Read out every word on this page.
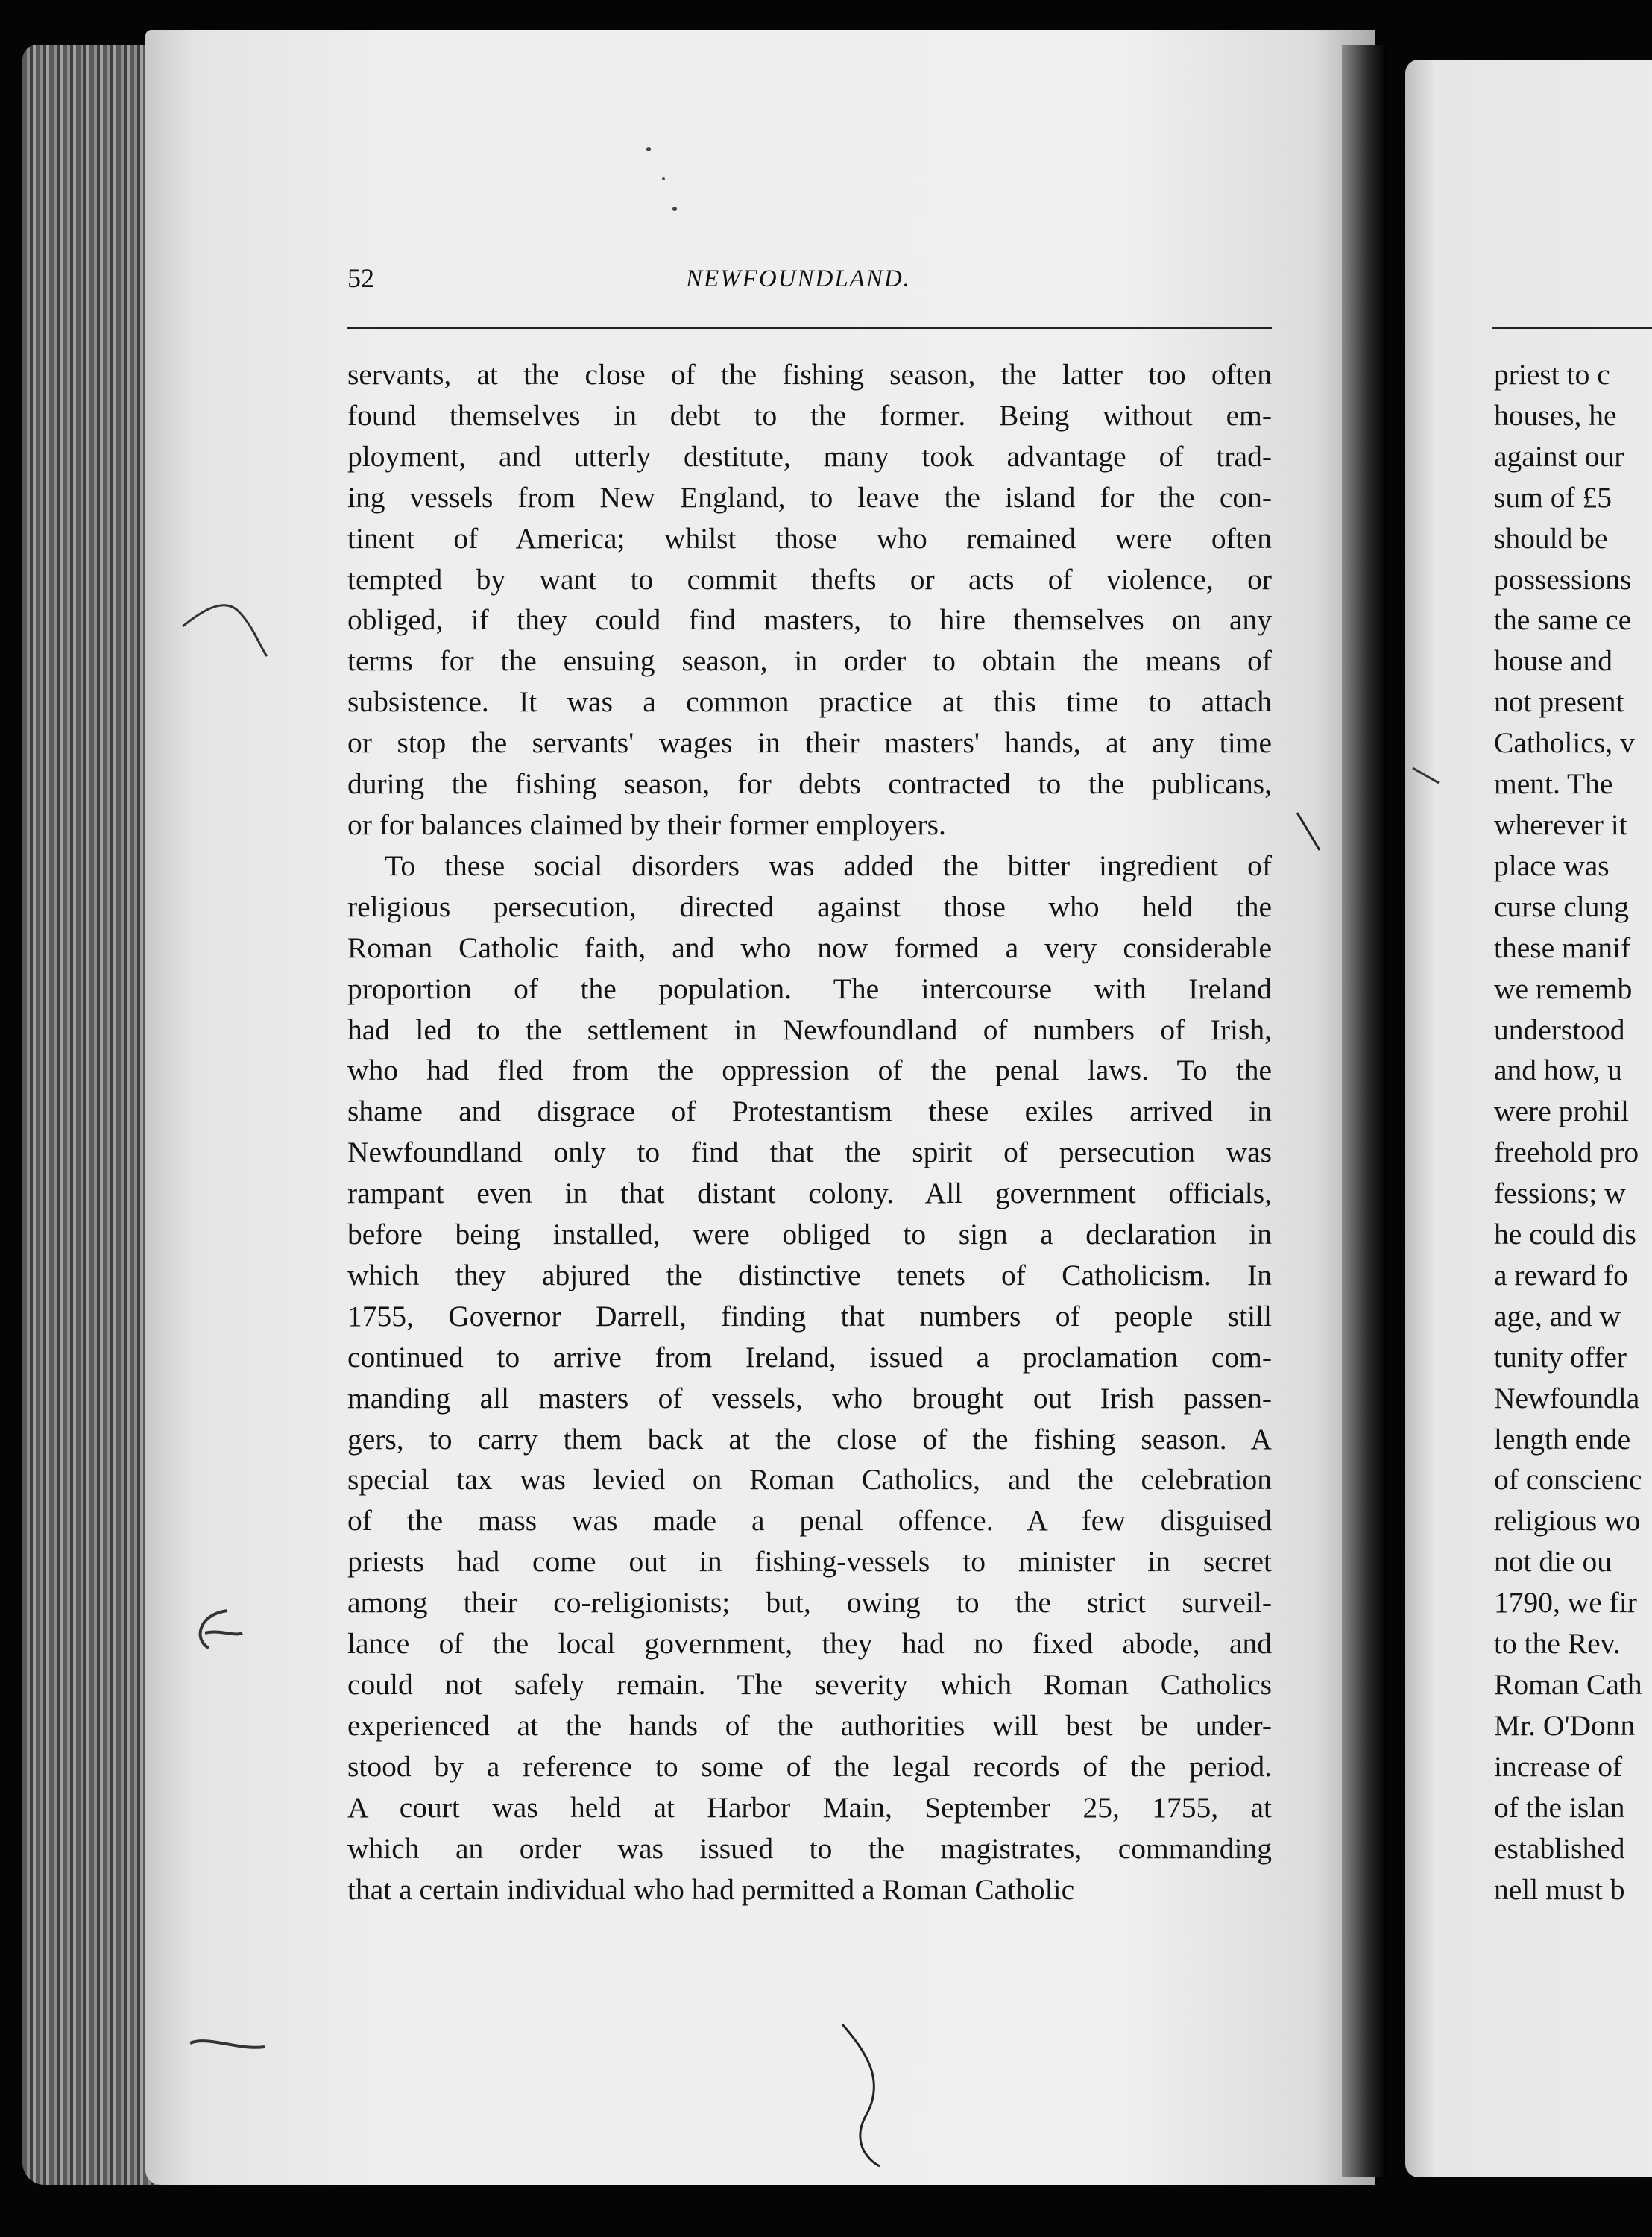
52	NEWFOUNDLAND.

servants, at the close of the fishing season, the latter too often
found themselves in debt to the former. Being without em-
ployment, and utterly destitute, many took advantage of trad-
ing vessels from New England, to leave the island for the con-
tinent of America; whilst those who remained were often
tempted by want to commit thefts or acts of violence, or
obliged, if they could find masters, to hire themselves on any
terms for the ensuing season, in order to obtain the means of
subsistence. It was a common practice at this time to attach
or stop the servants' wages in their masters' hands, at any time
during the fishing season, for debts contracted to the publicans,
or for balances claimed by their former employers.

To these social disorders was added the bitter ingredient of
religious persecution, directed against those who held the
Roman Catholic faith, and who now formed a very considerable
proportion of the population. The intercourse with Ireland
had led to the settlement in Newfoundland of numbers of Irish,
who had fled from the oppression of the penal laws. To the
shame and disgrace of Protestantism these exiles arrived in
Newfoundland only to find that the spirit of persecution was
rampant even in that distant colony. All government officials,
before being installed, were obliged to sign a declaration in
which they abjured the distinctive tenets of Catholicism. In
1755, Governor Darrell, finding that numbers of people still
continued to arrive from Ireland, issued a proclamation com-
manding all masters of vessels, who brought out Irish passen-
gers, to carry them back at the close of the fishing season. A
special tax was levied on Roman Catholics, and the celebration
of the mass was made a penal offence. A few disguised
priests had come out in fishing-vessels to minister in secret
among their co-religionists; but, owing to the strict surveil-
lance of the local government, they had no fixed abode, and
could not safely remain. The severity which Roman Catholics
experienced at the hands of the authorities will best be under-
stood by a reference to some of the legal records of the period.
A court was held at Harbor Main, September 25, 1755, at
which an order was issued to the magistrates, commanding
that a certain individual who had permitted a Roman Catholic

priest to c
houses, he
against our
sum of £5
should be
possessions
the same ce
house and
not present
Catholics, v
ment. The
wherever it
place was
curse clung
these manif
we rememb
understood
and how, u
were prohil
freehold pro
fessions; w
he could dis
a reward fo
age, and w
tunity offer
Newfoundla
length ende
of conscienc
religious wo
not die ou
1790, we fir
to the Rev.
Roman Cath
Mr. O'Donn
increase of
of the islan
established
nell must b
